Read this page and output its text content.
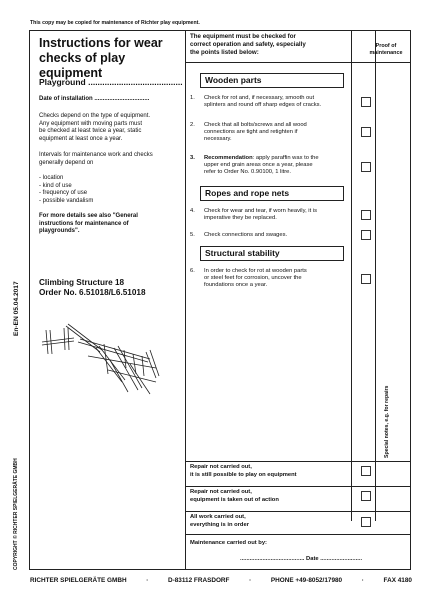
This copy may be copied for maintenance of Richter play equipment.
Instructions for wear
checks of play equipment
The equipment must be checked for
correct operation and safety, especially
the points listed below:
Proof of
maintenance
Playground ........................................
Date of installation .................................
Checks depend on the type of equipment.
Any equipment with moving parts must
be checked at least twice a year, static
equipment at least once a year.
Intervals for maintenance work and checks
generally depend on
- location
- kind of use
- frequency of use
- possible vandalism
For more details see also "General
instructions for maintenance of
playgrounds".
Climbing Structure 18
Order No. 6.51018/L6.51018
Wooden parts
1. Check for rot and, if necessary, smooth out
splinters and round off sharp edges of cracks.
2. Check that all bolts/screws and all wood
connections are tight and retighten if
necessary.
3. Recommendation: apply paraffin wax to the
upper end grain areas once a year, please
refer to Order No. 0.90100, 1 litre.
Ropes and rope nets
4. Check for wear and tear, if worn heavily, it is
imperative they be replaced.
5. Check connections and swages.
Structural stability
6. In order to check for rot at wooden parts
or steel feet for corrosion, uncover the
foundations once a year.
Special notes, e.g. for repairs
Repair not carried out,
it is still possible to play on equipment
Repair not carried out,
equipment is taken out of action
All work carried out,
everything is in order
Maintenance carried out by:
........................................ Date ..........................
En-EN 05.04.2017
COPYRIGHT © RICHTER SPIELGERÄTE GMBH
RICHTER SPIELGERÄTE GMBH	·	D-83112 FRASDORF	·	PHONE +49-8052/17980	·	FAX 4180
